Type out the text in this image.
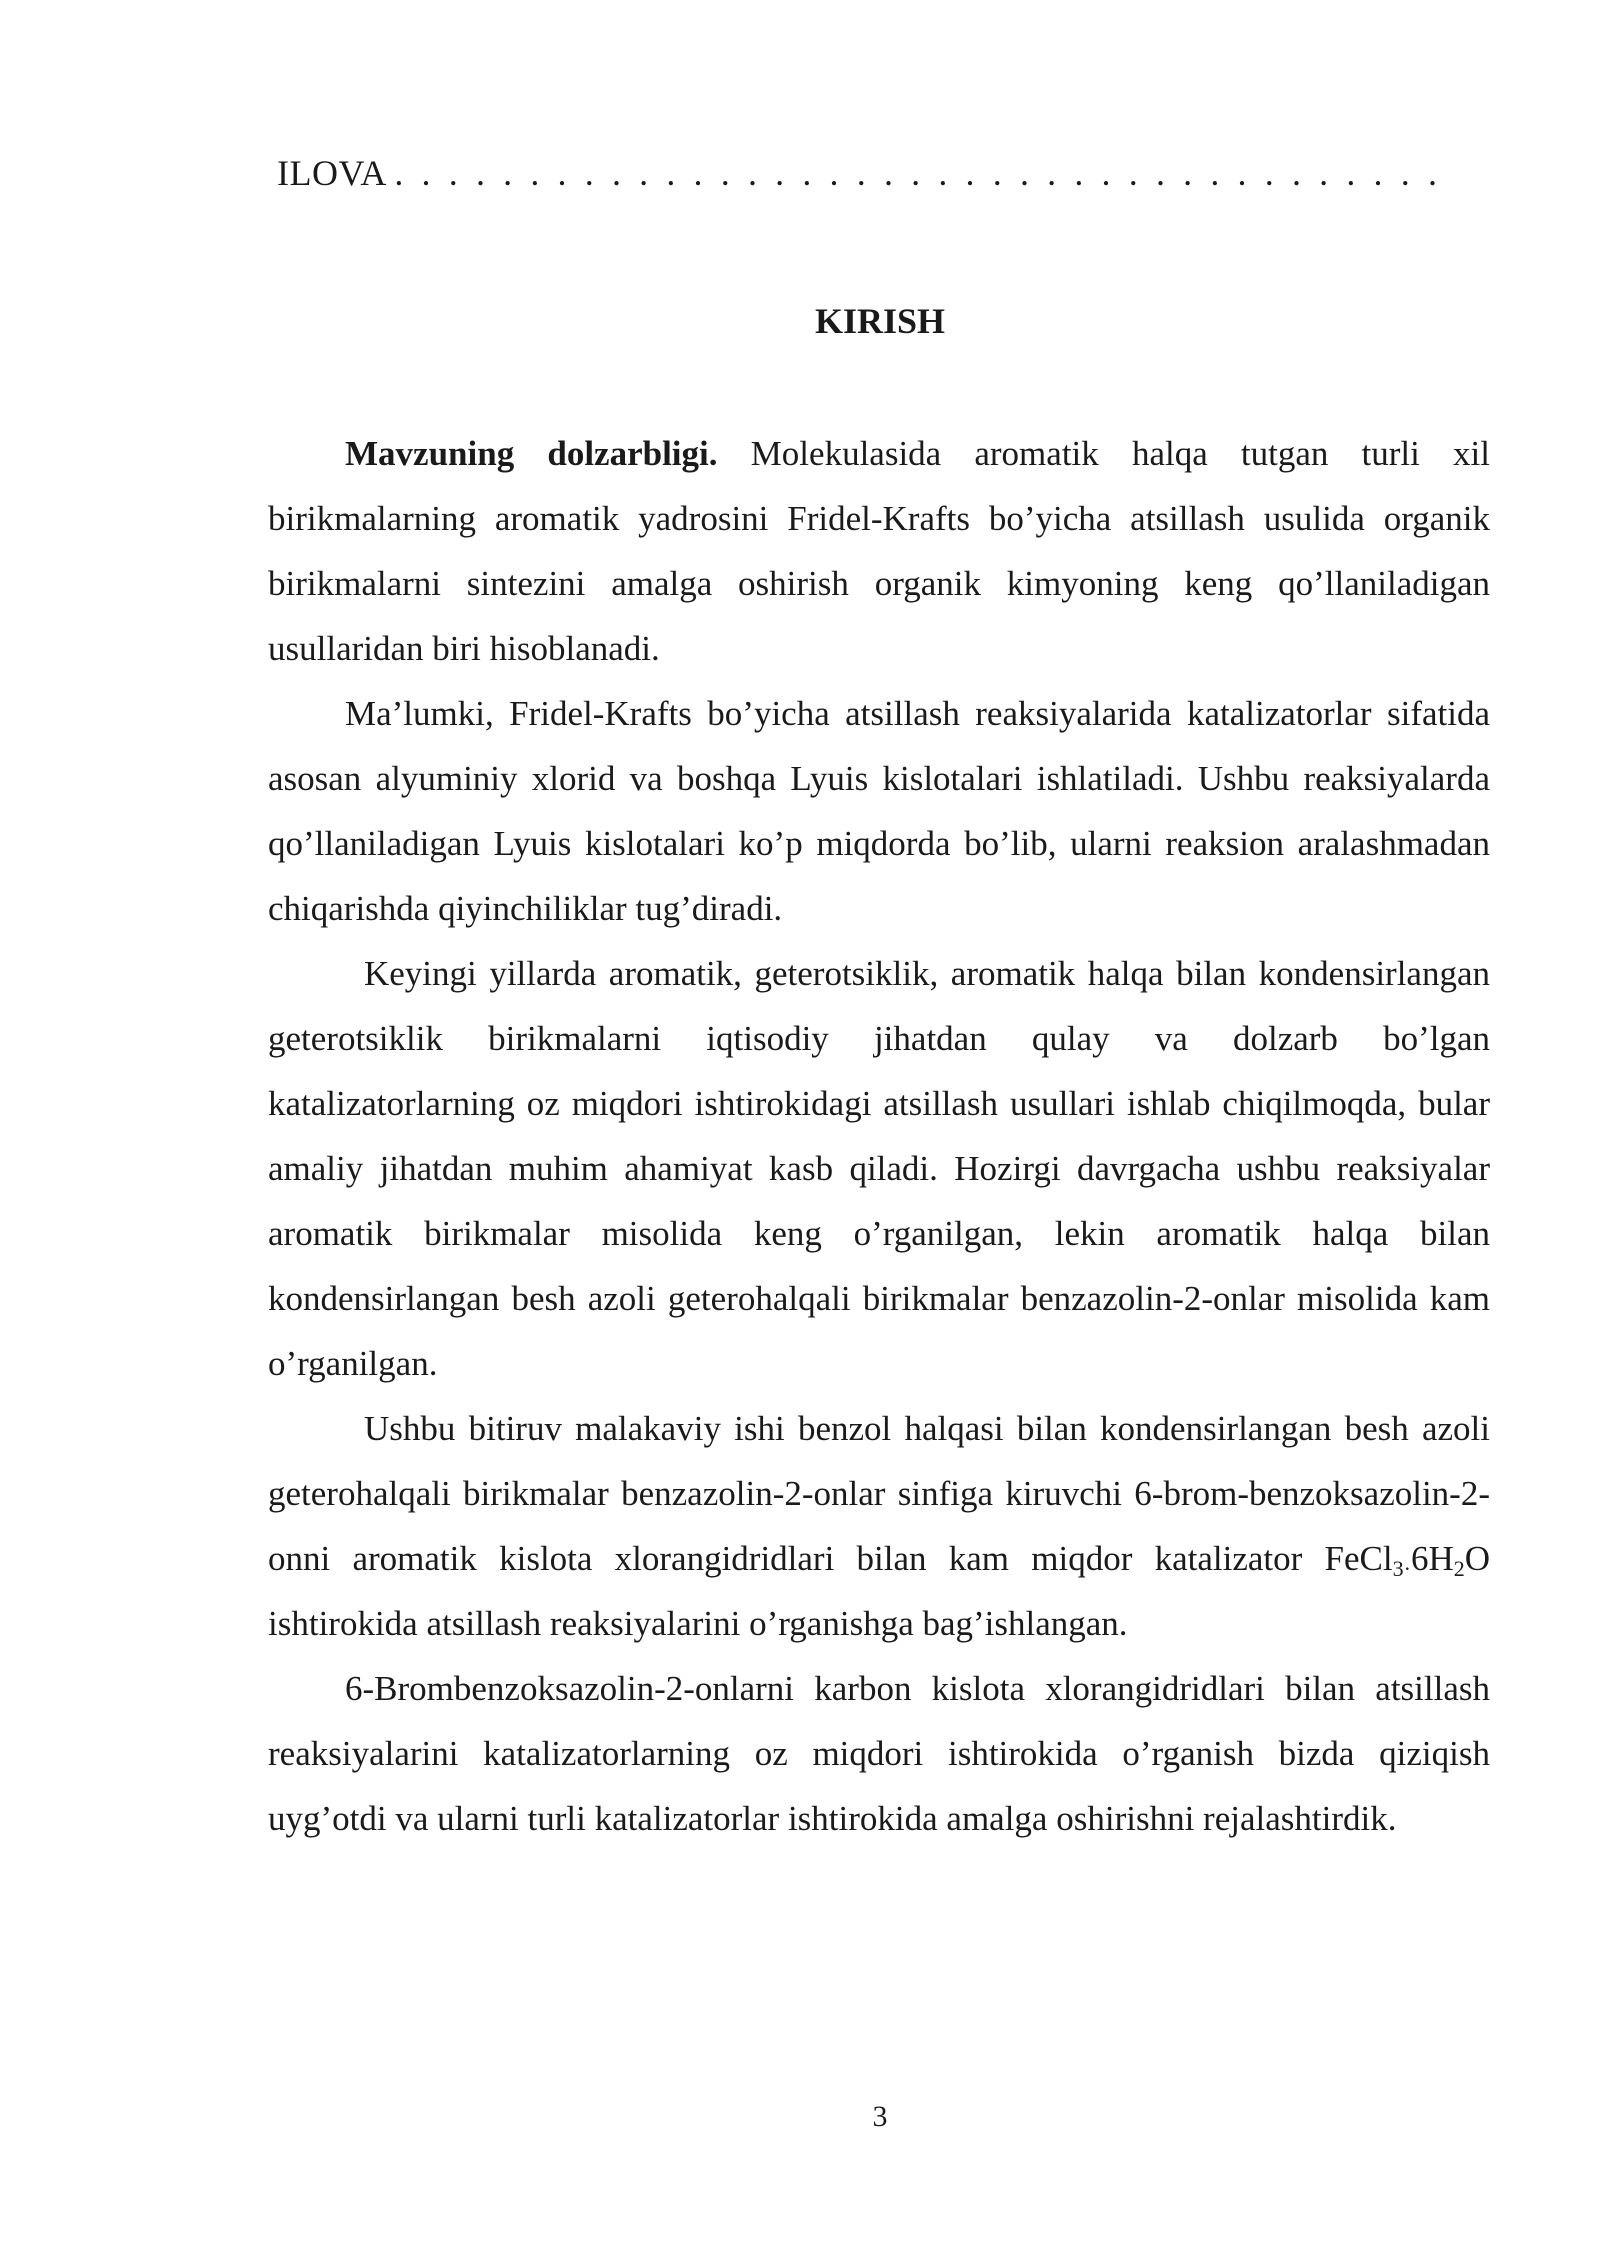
ILOVA . . . . . . . . . . . . . . . . . . . . . . . . . . . . . . . . . . . . . . .
KIRISH

Mavzuning dolzarbligi. Molekulasida aromatik halqa tutgan turli xil birikmalarning aromatik yadrosini Fridel-Krafts bo’yicha atsillash usulida organik birikmalarni sintezini amalga oshirish organik kimyoning keng qo’llaniladigan usullaridan biri hisoblanadi.

Ma’lumki, Fridel-Krafts bo’yicha atsillash reaksiyalarida katalizatorlar sifatida asosan alyuminiy xlorid va boshqa Lyuis kislotalari ishlatiladi. Ushbu reaksiyalarda qo’llaniladigan Lyuis kislotalari ko’p miqdorda bo’lib, ularni reaksion aralashmadan chiqarishda qiyinchiliklar tug’diradi.

Keyingi yillarda aromatik, geterotsiklik, aromatik halqa bilan kondensirlangan geterotsiklik birikmalarni iqtisodiy jihatdan qulay va dolzarb bo’lgan katalizatorlarning oz miqdori ishtirokidagi atsillash usullari ishlab chiqilmoqda, bular amaliy jihatdan muhim ahamiyat kasb qiladi. Hozirgi davrgacha ushbu reaksiyalar aromatik birikmalar misolida keng o’rganilgan, lekin aromatik halqa bilan kondensirlangan besh azoli geterohalqali birikmalar benzazolin-2-onlar misolida kam o’rganilgan.

Ushbu bitiruv malakaviy ishi benzol halqasi bilan kondensirlangan besh azoli geterohalqali birikmalar benzazolin-2-onlar sinfiga kiruvchi 6-brom-benzoksazolin-2-onni aromatik kislota xlorangidridlari bilan kam miqdor katalizator $FeCl_{3\cdot}6H_2O$ ishtirokida atsillash reaksiyalarini o’rganishga bag’ishlangan.

6-Brombenzoksazolin-2-onlarni karbon kislota xlorangidridlari bilan atsillash reaksiyalarini katalizatorlarning oz miqdori ishtirokida o’rganish bizda qiziqish uyg’otdi va ularni turli katalizatorlar ishtirokida amalga oshirishni rejalashtirdik.

3
